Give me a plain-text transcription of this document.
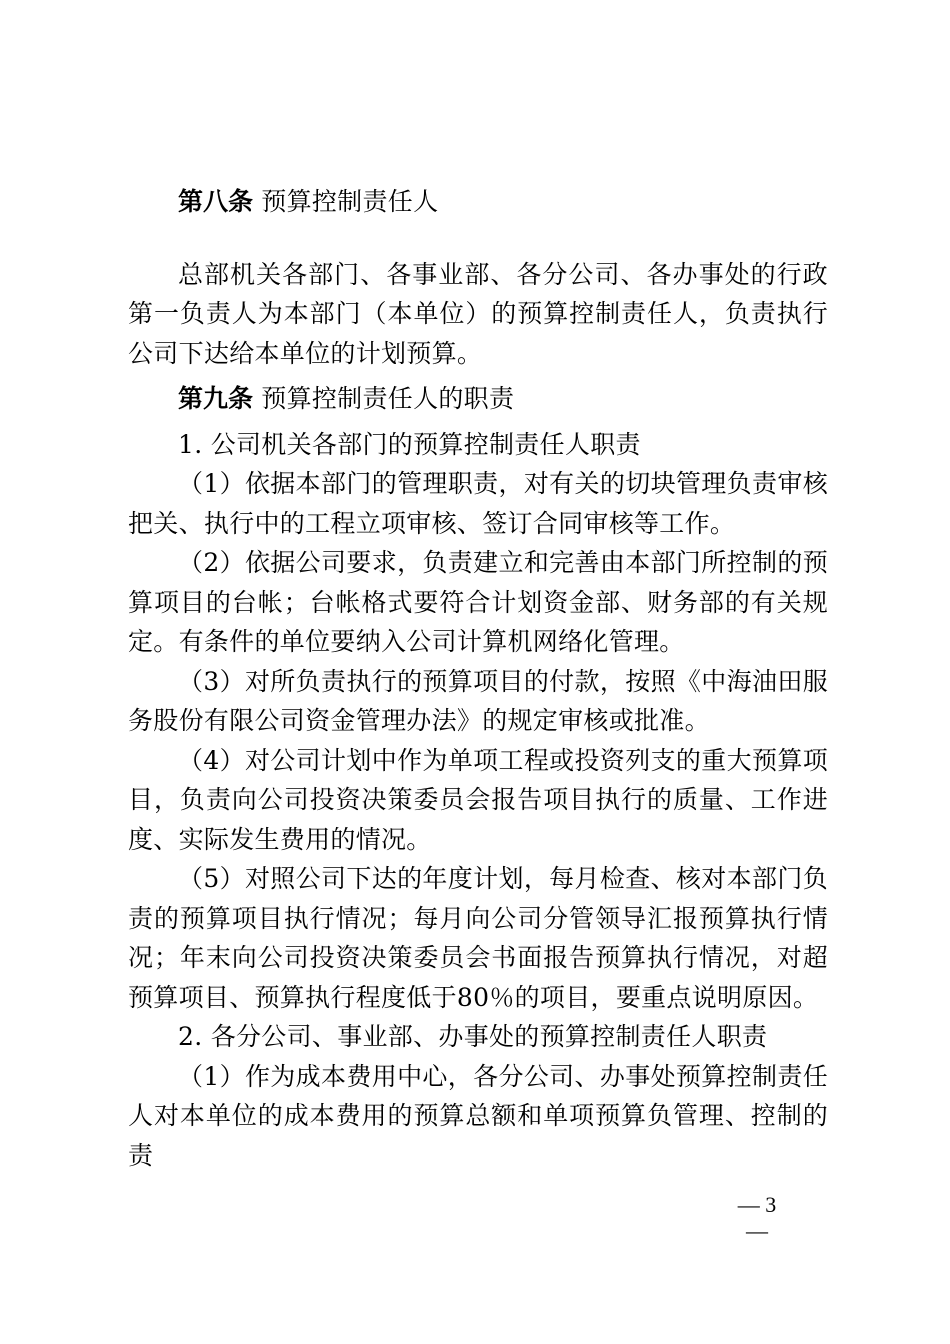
第八条 预算控制责任人

总部机关各部门、各事业部、各分公司、各办事处的行政第一负责人为本部门（本单位）的预算控制责任人，负责执行公司下达给本单位的计划预算。

第九条 预算控制责任人的职责

1. 公司机关各部门的预算控制责任人职责

（1）依据本部门的管理职责，对有关的切块管理负责审核把关、执行中的工程立项审核、签订合同审核等工作。

（2）依据公司要求，负责建立和完善由本部门所控制的预算项目的台帐；台帐格式要符合计划资金部、财务部的有关规定。有条件的单位要纳入公司计算机网络化管理。

（3）对所负责执行的预算项目的付款，按照《中海油田服务股份有限公司资金管理办法》的规定审核或批准。

（4）对公司计划中作为单项工程或投资列支的重大预算项目，负责向公司投资决策委员会报告项目执行的质量、工作进度、实际发生费用的情况。

（5）对照公司下达的年度计划，每月检查、核对本部门负责的预算项目执行情况；每月向公司分管领导汇报预算执行情况；年末向公司投资决策委员会书面报告预算执行情况，对超预算项目、预算执行程度低于80％的项目，要重点说明原因。

2. 各分公司、事业部、办事处的预算控制责任人职责

（1）作为成本费用中心，各分公司、办事处预算控制责任人对本单位的成本费用的预算总额和单项预算负管理、控制的责

— 3 —
